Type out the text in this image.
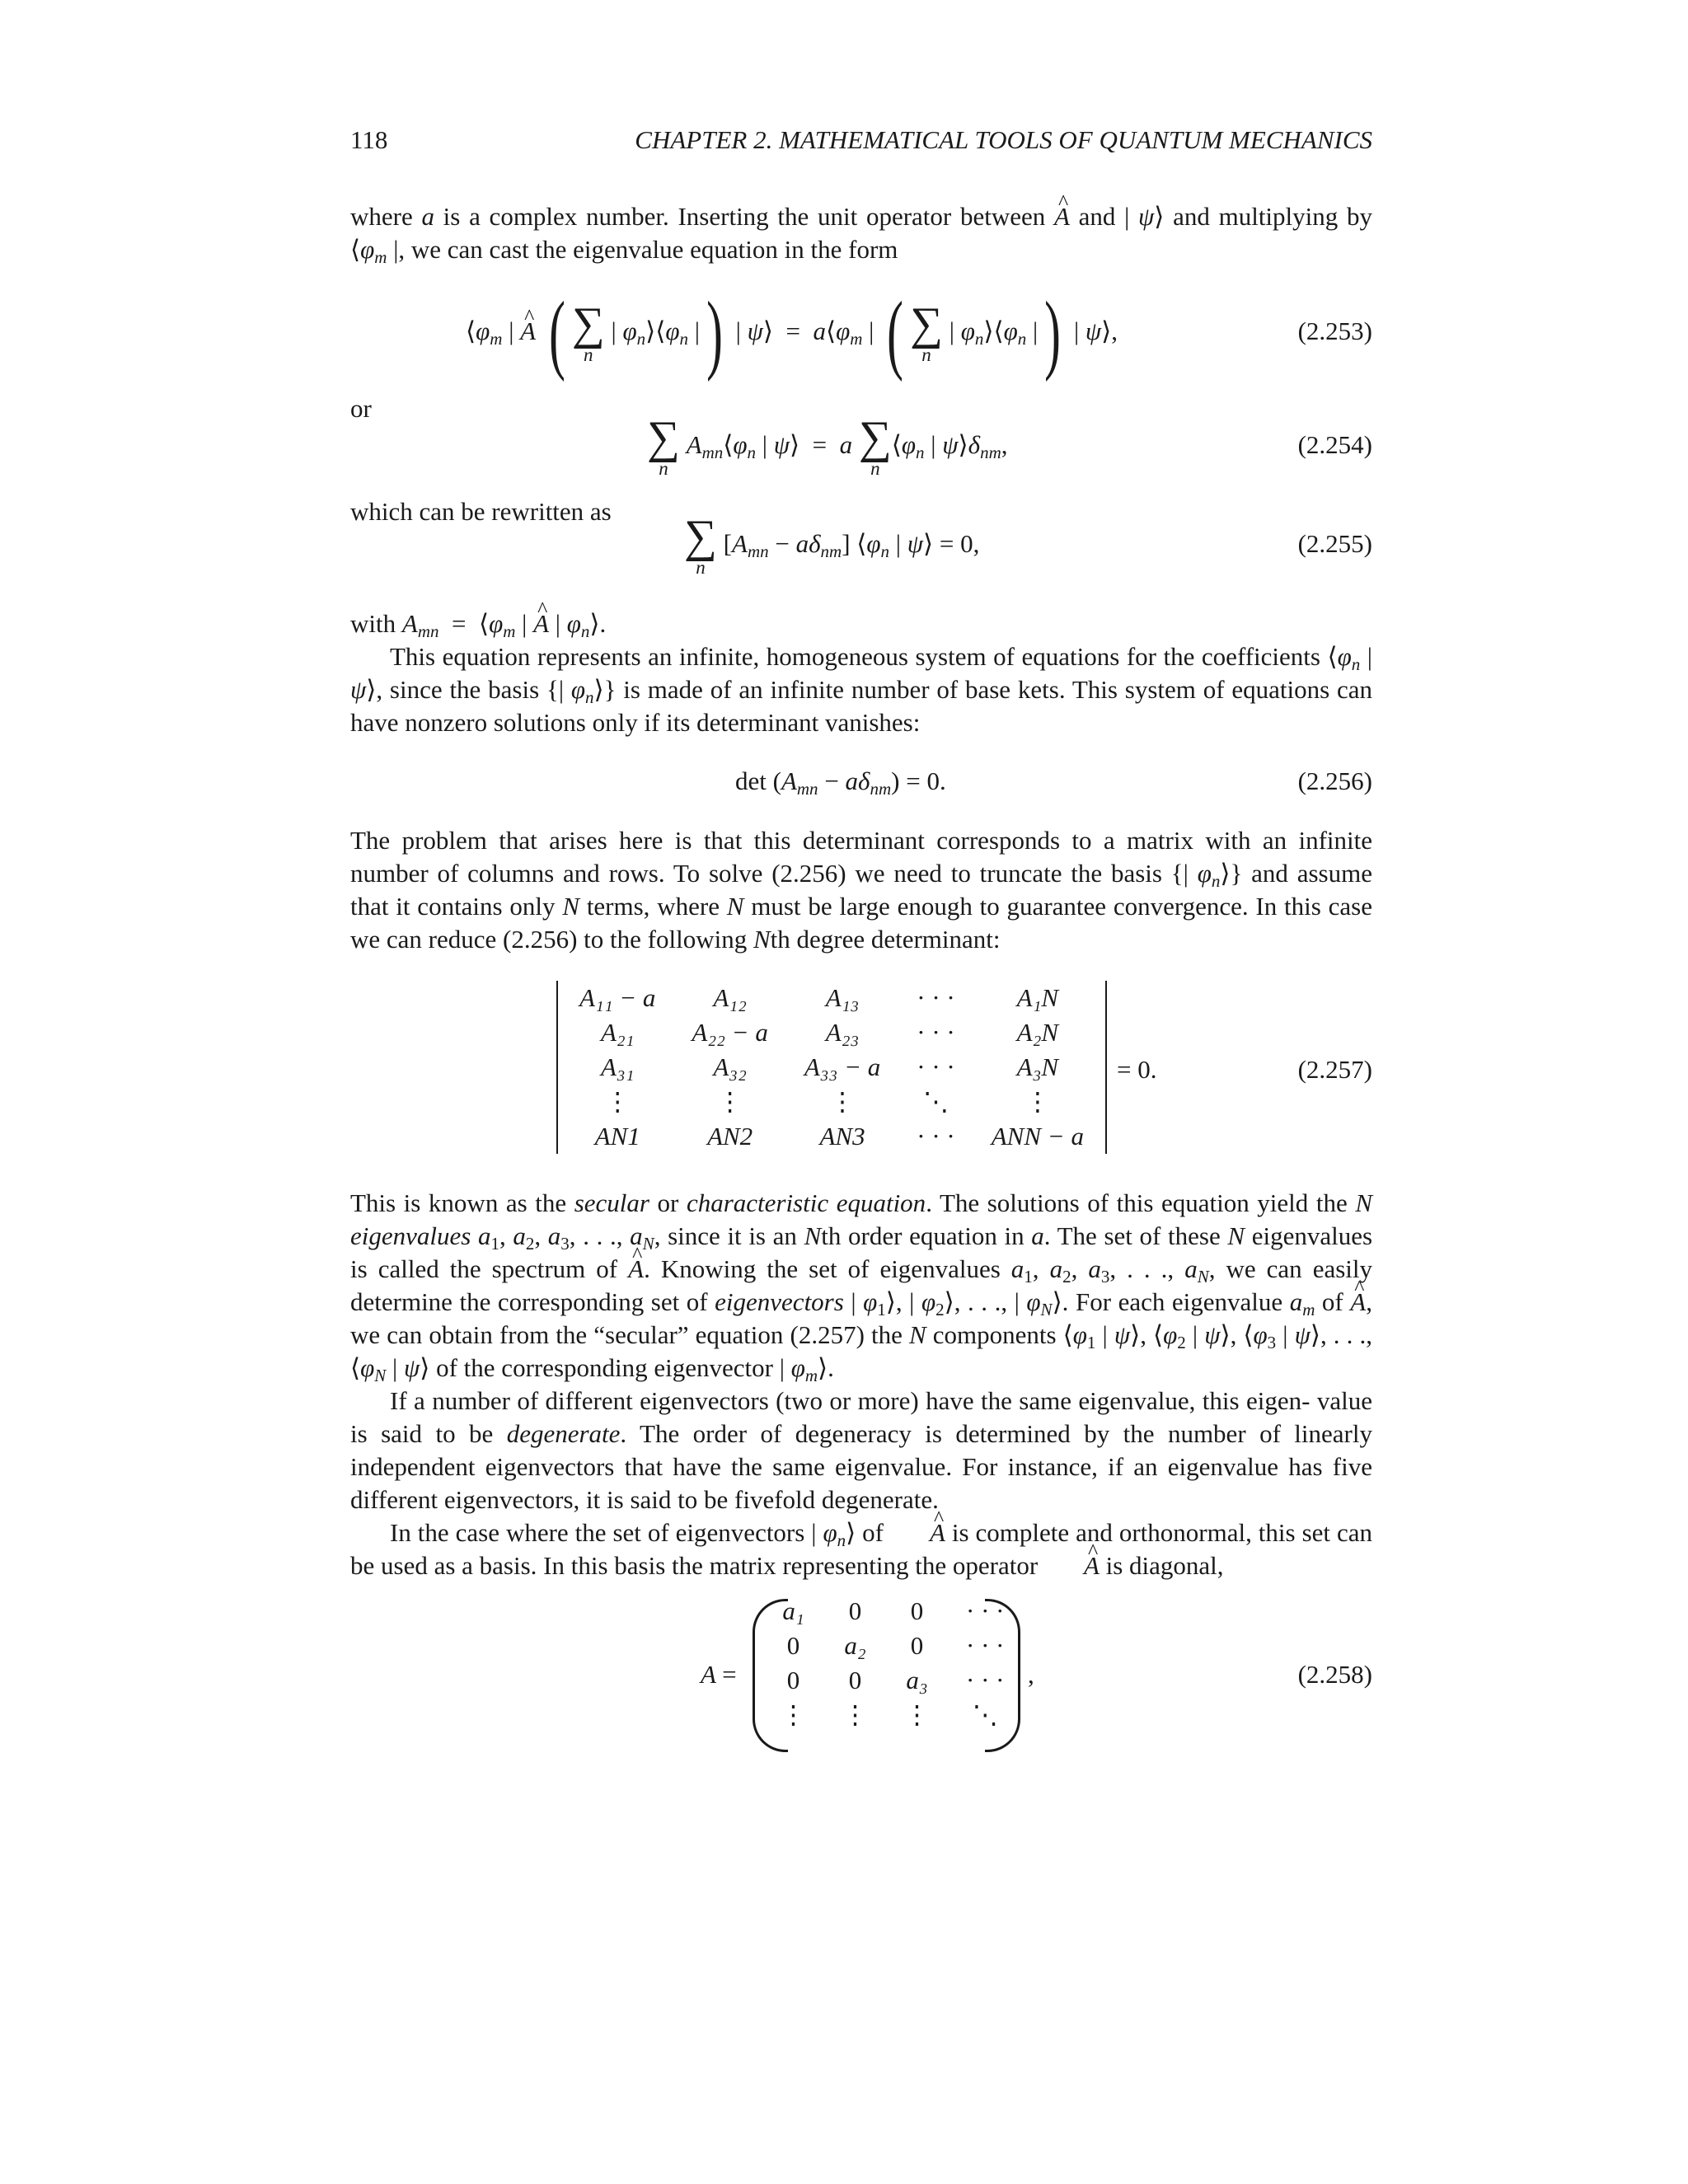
118	CHAPTER 2. MATHEMATICAL TOOLS OF QUANTUM MECHANICS

where a is a complex number. Inserting the unit operator between ^ A and | ψ⟩ and multiplying by $⟨\varphi_m$ |, we can cast the eigenvalue equation in the form

$⟨\varphi_m$ | ^ A ( ∑
n
| $\varphi_n⟩⟨\varphi_n$ |) | ψ⟩  =  $a⟨\varphi_m$ | ( ∑
n
| $\varphi_n⟩⟨\varphi_n$ |) | ψ⟩,	(2.253)
or
∑
n
$A_{mn}⟨\varphi_n$ | ψ⟩  =  a ∑
n
$⟨\varphi_n$ | $\psi⟩\delta_{nm}$,	(2.254)
which can be rewritten as ∑
n
$[A_{mn} - a\delta_{nm}]$ $⟨\varphi_n$ | ψ⟩ = 0,	(2.255)

with $A_{mn}$  =  $⟨\varphi_m$ | ^ A | $\varphi_n⟩$.

This equation represents an infinite, homogeneous system of equations for the coefficients $⟨\varphi_n$ | ψ⟩, since the basis {| $\varphi_n⟩$} is made of an infinite number of base kets. This system of equations can have nonzero solutions only if its determinant vanishes:

$\det (A_{mn} - a\delta_{nm}) = 0$.	(2.256)

The problem that arises here is that this determinant corresponds to a matrix with an infinite number of columns and rows. To solve (2.256) we need to truncate the basis {| $\varphi_n⟩$} and assume that it contains only N terms, where N must be large enough to guarantee convergence. In this case we can reduce (2.256) to the following Nth degree determinant:

A₁₁ − a	A₁₂	A₁₃	· · ·	A₁N
A₂₁	A₂₂ − a	A₂₃	· · ·	A₂N
A₃₁	A₃₂	A₃₃ − a	· · ·	A₃N
⋮	⋮	⋮	⋱	⋮
AN1	AN2	AN3	· · ·	ANN − a
= 0.	(2.257)

This is known as the secular or characteristic equation. The solutions of this equation yield the N eigenvalues $a_1$, $a_2$, $a_3$, . . ., $a_N$, since it is an Nth order equation in a. The set of these N eigenvalues is called the spectrum of ^ A. Knowing the set of eigenvalues $a_1$, $a_2$, $a_3$, . . ., $a_N$, we can easily determine the corresponding set of eigenvectors | $\varphi_1⟩$, | $\varphi_2⟩$, . . ., | $\varphi_N⟩$. For each eigenvalue $a_m$ of ^ A, we can obtain from the “secular” equation (2.257) the N components $⟨\varphi_1$ | ψ⟩, $⟨\varphi_2$ | ψ⟩, $⟨\varphi_3$ | ψ⟩, . . ., $⟨\varphi_N$ | ψ⟩ of the corresponding eigenvector | $\varphi_m⟩$.

If a number of different eigenvectors (two or more) have the same eigenvalue, this eigen- value is said to be degenerate. The order of degeneracy is determined by the number of linearly independent eigenvectors that have the same eigenvalue. For instance, if an eigenvalue has five different eigenvectors, it is said to be fivefold degenerate.

In the case where the set of eigenvectors | $\varphi_n⟩$ of ^ A is complete and orthonormal, this set can be used as a basis. In this basis the matrix representing the operator ^ A is diagonal,

A =
a₁	0	0	· · ·
0	a₂	0	· · ·
0	0	a₃	· · ·
⋮	⋮	⋮	⋱
,	(2.258)
